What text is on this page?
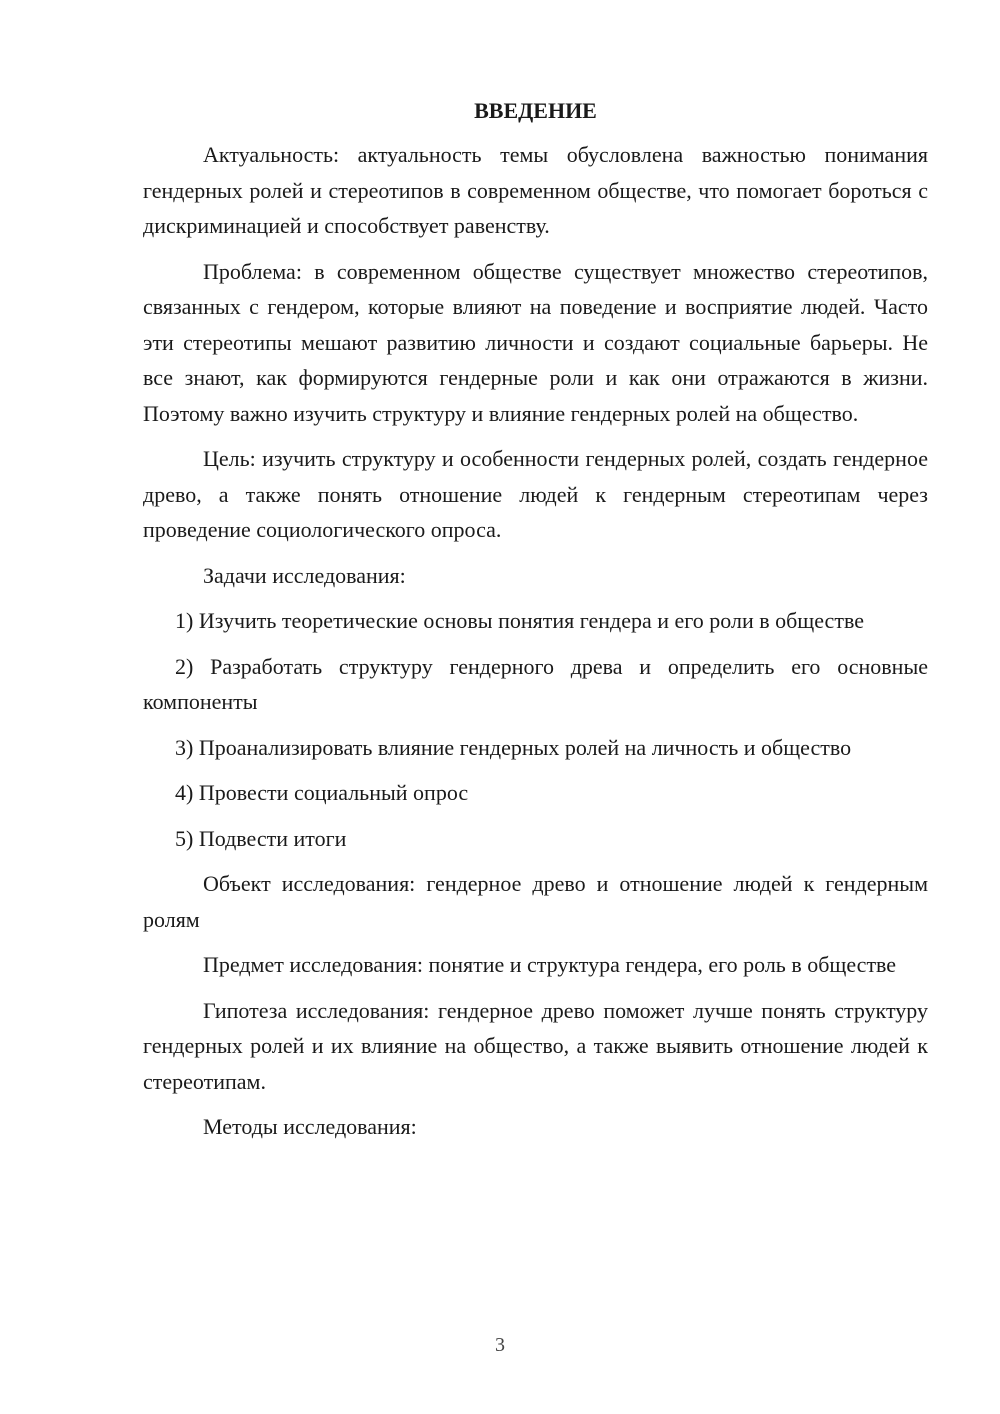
ВВЕДЕНИЕ

Актуальность: актуальность темы обусловлена важностью понимания гендерных ролей и стереотипов в современном обществе, что помогает бороться с дискриминацией и способствует равенству.

Проблема: в современном обществе существует множество стереотипов, связанных с гендером, которые влияют на поведение и восприятие людей. Часто эти стереотипы мешают развитию личности и создают социальные барьеры. Не все знают, как формируются гендерные роли и как они отражаются в жизни. Поэтому важно изучить структуру и влияние гендерных ролей на общество.

Цель: изучить структуру и особенности гендерных ролей, создать гендерное древо, а также понять отношение людей к гендерным стереотипам через проведение социологического опроса.

Задачи исследования:

1) Изучить теоретические основы понятия гендера и его роли в обществе

2) Разработать структуру гендерного древа и определить его основные компоненты

3) Проанализировать влияние гендерных ролей на личность и общество

4) Провести социальный опрос

5) Подвести итоги

Объект исследования: гендерное древо и отношение людей к гендерным ролям

Предмет исследования: понятие и структура гендера, его роль в обществе

Гипотеза исследования: гендерное древо поможет лучше понять структуру гендерных ролей и их влияние на общество, а также выявить отношение людей к стереотипам.

Методы исследования:

3
